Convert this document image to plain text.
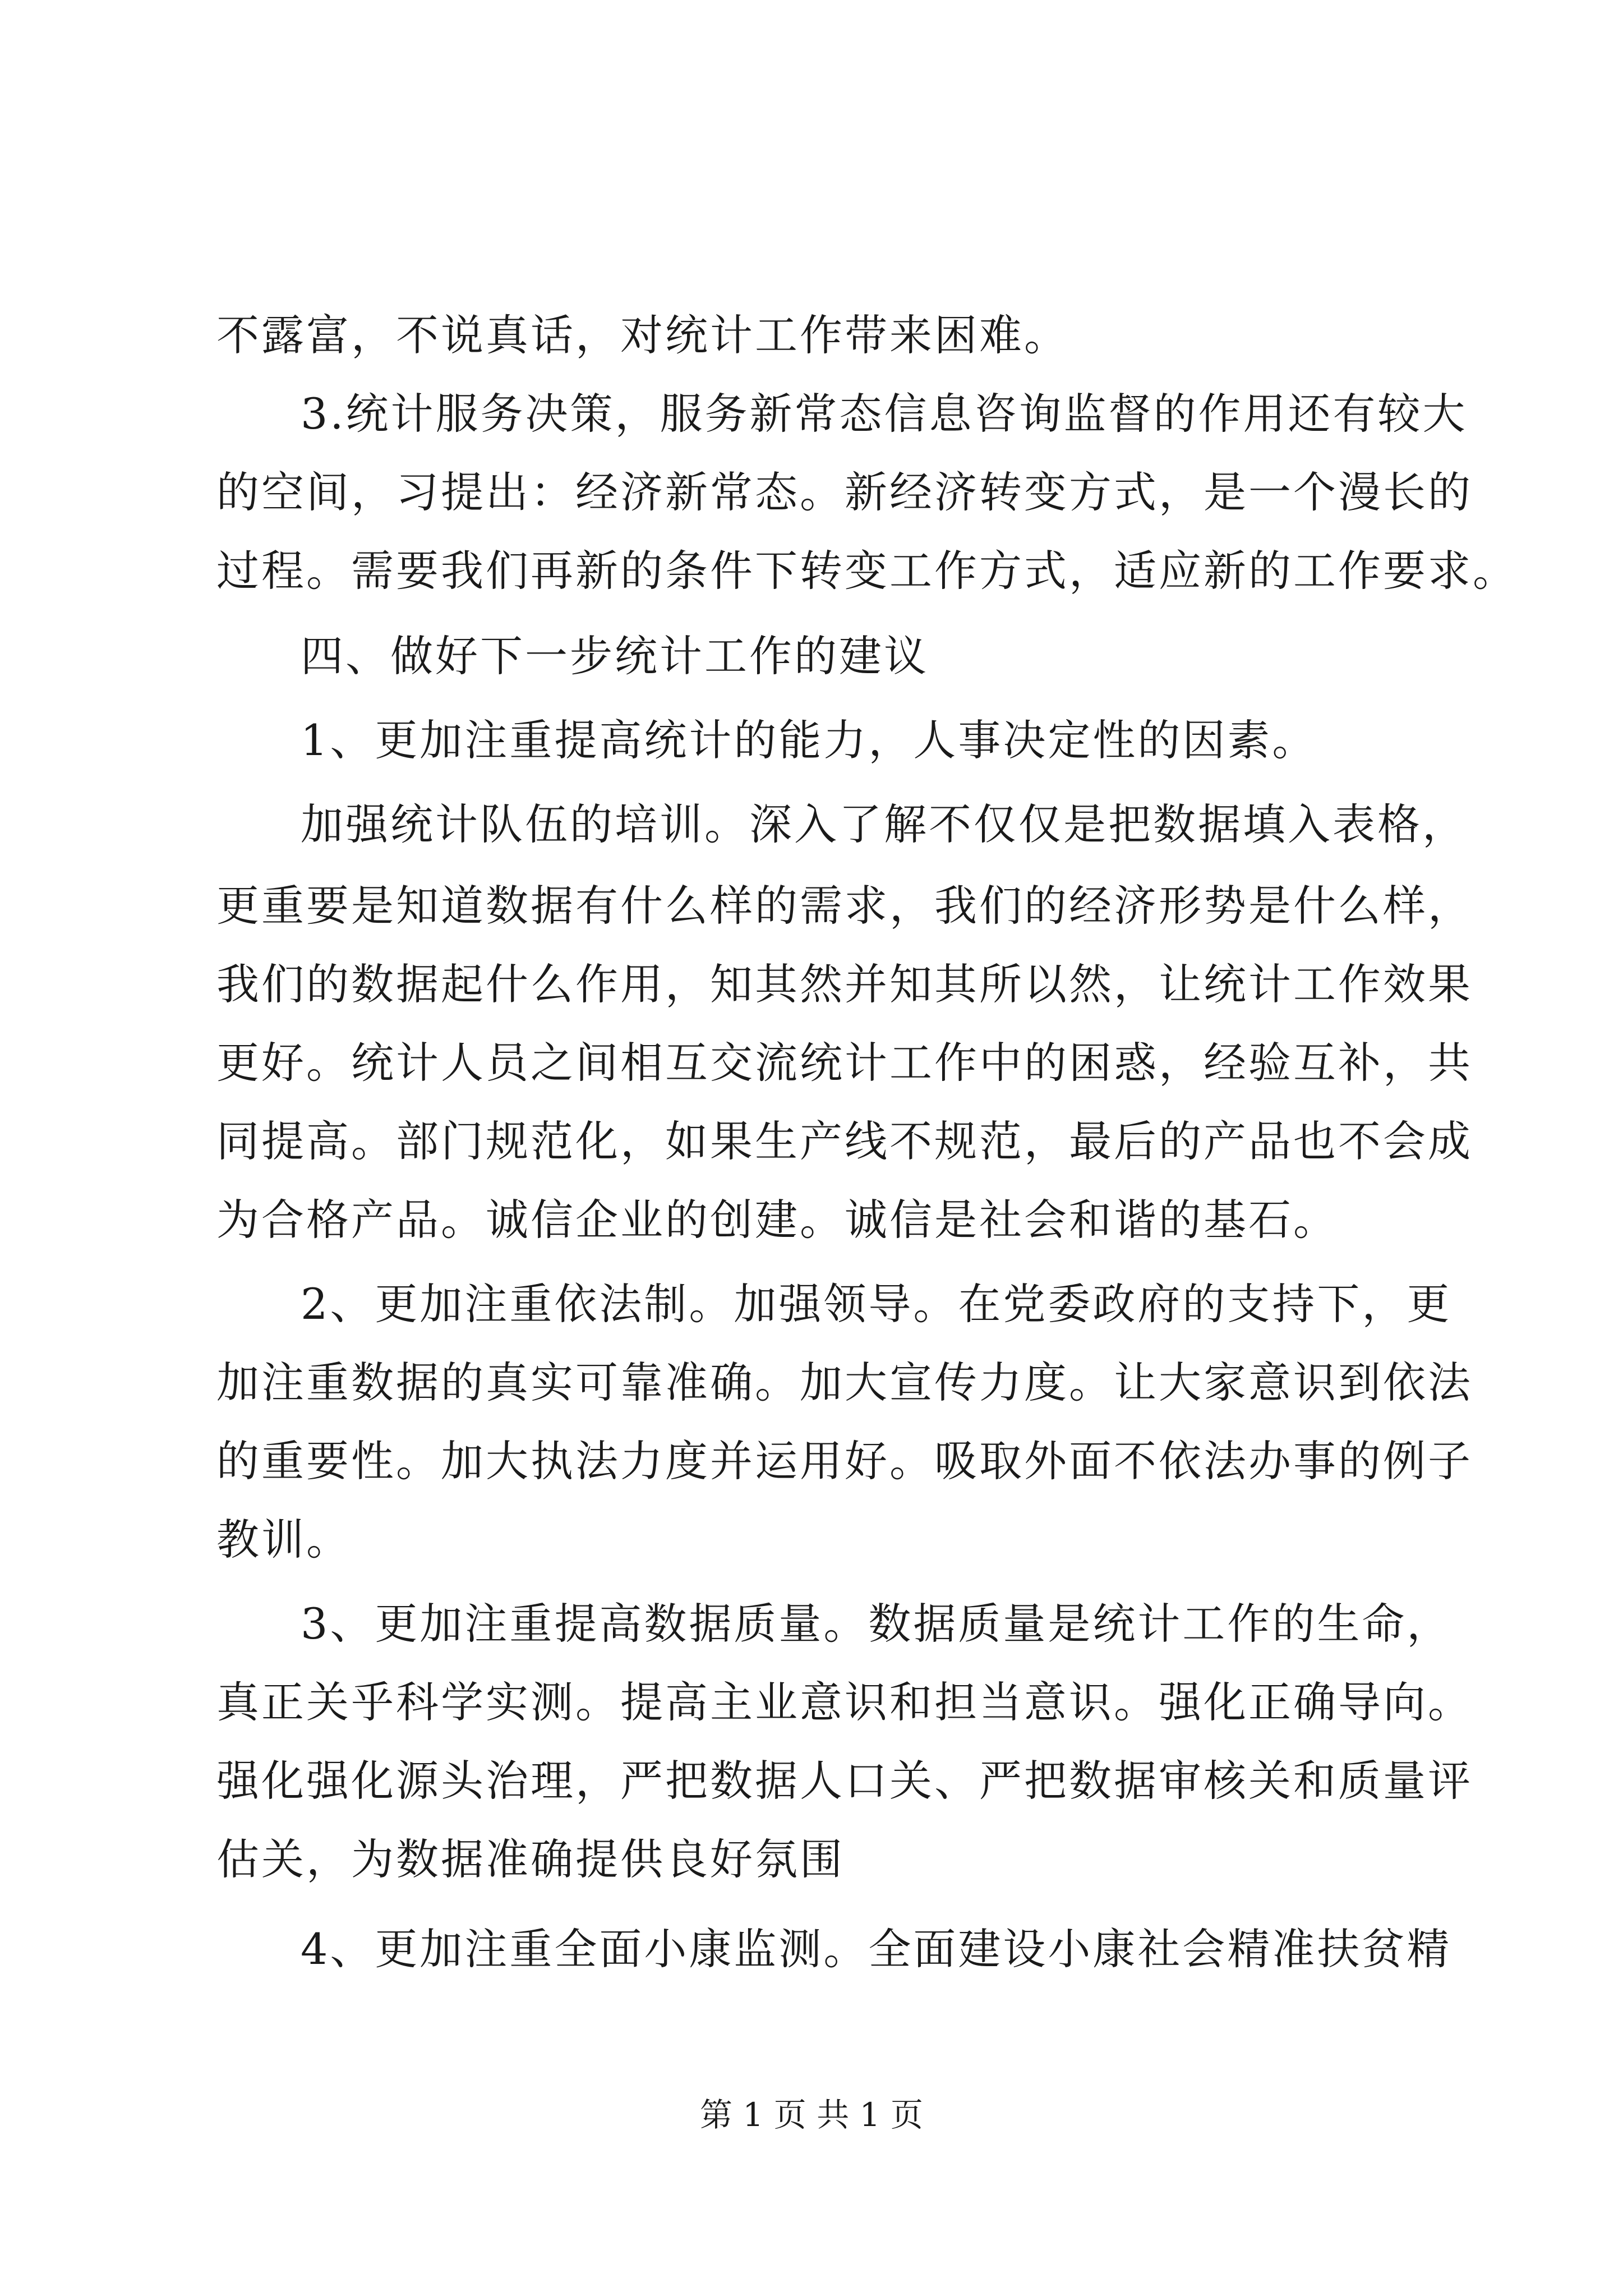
不露富，不说真话，对统计工作带来困难。
3.统计服务决策，服务新常态信息咨询监督的作用还有较大
的空间，习提出：经济新常态。新经济转变方式，是一个漫长的
过程。需要我们再新的条件下转变工作方式，适应新的工作要求。
四、做好下一步统计工作的建议
1、更加注重提高统计的能力，人事决定性的因素。
加强统计队伍的培训。深入了解不仅仅是把数据填入表格，
更重要是知道数据有什么样的需求，我们的经济形势是什么样，
我们的数据起什么作用，知其然并知其所以然，让统计工作效果
更好。统计人员之间相互交流统计工作中的困惑，经验互补，共
同提高。部门规范化，如果生产线不规范，最后的产品也不会成
为合格产品。诚信企业的创建。诚信是社会和谐的基石。
2、更加注重依法制。加强领导。在党委政府的支持下，更
加注重数据的真实可靠准确。加大宣传力度。让大家意识到依法
的重要性。加大执法力度并运用好。吸取外面不依法办事的例子
教训。
3、更加注重提高数据质量。数据质量是统计工作的生命，
真正关乎科学实测。提高主业意识和担当意识。强化正确导向。
强化强化源头治理，严把数据人口关、严把数据审核关和质量评
估关，为数据准确提供良好氛围
4、更加注重全面小康监测。全面建设小康社会精准扶贫精
第 1 页 共 1 页
